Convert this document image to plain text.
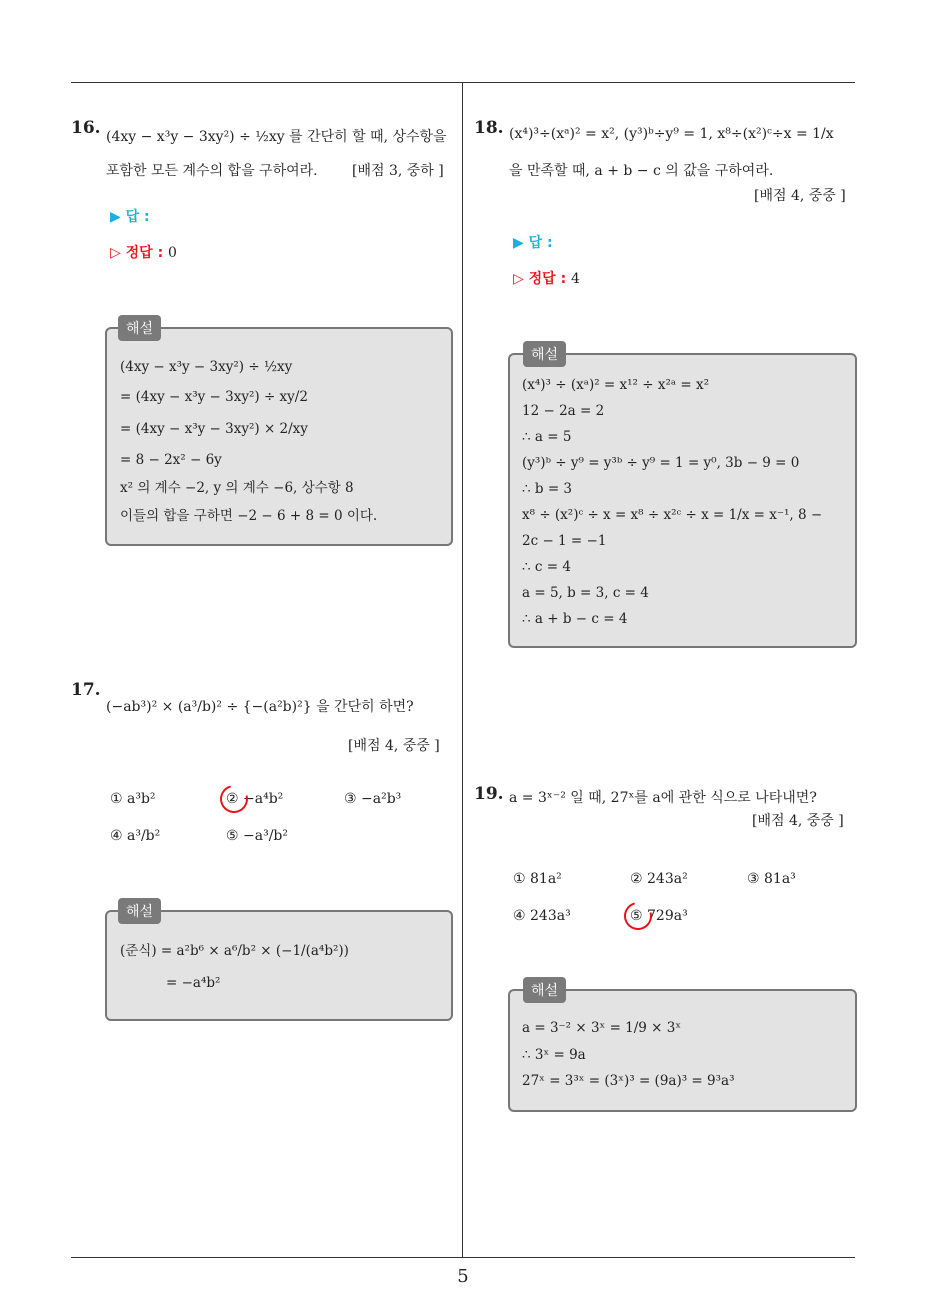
16. (4xy − x³y − 3xy²) ÷ ½xy 를 간단히 할 때, 상수항을
포함한 모든 계수의 합을 구하여라. [배점 3, 중하 ]
▶ 답 :
▷ 정답 : 0
해설
(4xy − x³y − 3xy²) ÷ ½xy
= (4xy − x³y − 3xy²) ÷ xy/2
= (4xy − x³y − 3xy²) × 2/xy
= 8 − 2x² − 6y
x² 의 계수 −2, y 의 계수 −6, 상수항 8
이들의 합을 구하면 −2 − 6 + 8 = 0 이다.
17.
(−ab³)² × (a³/b)² ÷ {−(a²b)²} 을 간단히 하면?
[배점 4, 중중 ]
① a³b²	② −a⁴b²	③ −a²b³
④ a³/b²	⑤ −a³/b²
해설
(준식) = a²b⁶ × a⁶/b² × (−1/(a⁴b²))
= −a⁴b²
18. (x⁴)³÷(xᵃ)² = x², (y³)ᵇ÷y⁹ = 1, x⁸÷(x²)ᶜ÷x = 1/x
을 만족할 때, a + b − c 의 값을 구하여라.
[배점 4, 중중 ]
▶ 답 :
▷ 정답 : 4
해설
(x⁴)³ ÷ (xᵃ)² = x¹² ÷ x²ᵃ = x²
12 − 2a = 2
∴ a = 5
(y³)ᵇ ÷ y⁹ = y³ᵇ ÷ y⁹ = 1 = y⁰, 3b − 9 = 0
∴ b = 3
x⁸ ÷ (x²)ᶜ ÷ x = x⁸ ÷ x²ᶜ ÷ x = 1/x = x⁻¹, 8 −
2c − 1 = −1
∴ c = 4
a = 5, b = 3, c = 4
∴ a + b − c = 4
19. a = 3ˣ⁻² 일 때, 27ˣ를 a에 관한 식으로 나타내면?
[배점 4, 중중 ]
① 81a²	② 243a²	③ 81a³
④ 243a³	⑤ 729a³
해설
a = 3⁻² × 3ˣ = 1/9 × 3ˣ
∴ 3ˣ = 9a
27ˣ = 3³ˣ = (3ˣ)³ = (9a)³ = 9³a³
5
